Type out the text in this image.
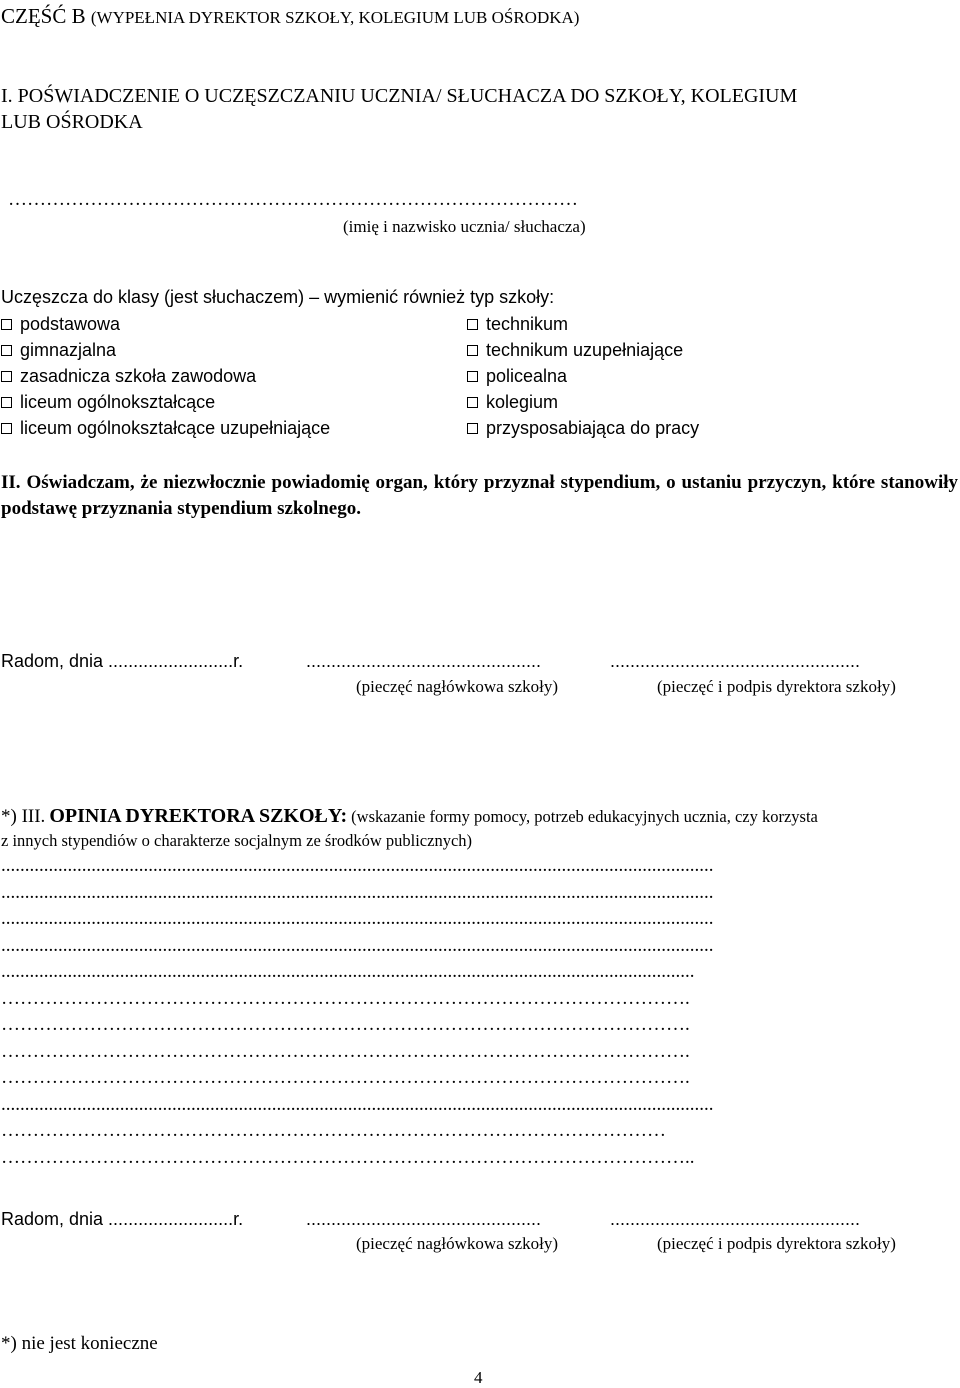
CZĘŚĆ B (WYPEŁNIA DYREKTOR SZKOŁY, KOLEGIUM LUB OŚRODKA)
I. POŚWIADCZENIE O UCZĘSZCZANIU UCZNIA/ SŁUCHACZA DO SZKOŁY, KOLEGIUM
LUB OŚRODKA
………………………………………………………………………………
(imię i nazwisko ucznia/ słuchacza)
Uczęszcza do klasy (jest słuchaczem) – wymienić również typ szkoły:
podstawowa
gimnazjalna
zasadnicza szkoła zawodowa
liceum ogólnokształcące
liceum ogólnokształcące uzupełniające
technikum
technikum uzupełniające
policealna
kolegium
przysposabiająca do pracy
II. Oświadczam, że niezwłocznie powiadomię organ, który przyznał stypendium, o ustaniu przyczyn, które stanowiły podstawę przyznania stypendium szkolnego.
Radom, dnia .........................r.	...............................................	..................................................
(pieczęć nagłówkowa szkoły)	(pieczęć i podpis dyrektora szkoły)
*) III. OPINIA DYREKTORA SZKOŁY: (wskazanie formy pomocy, potrzeb edukacyjnych ucznia, czy korzysta
z innych stypendiów o charakterze socjalnym ze środków publicznych)
......................................................................................................................................................
......................................................................................................................................................
......................................................................................................................................................
......................................................................................................................................................
..................................................................................................................................................
……………………………………………………………………………………………….
……………………………………………………………………………………………….
……………………………………………………………………………………………….
……………………………………………………………………………………………….
......................................................................................................................................................
……………………………………………………………………………………………
………………………………………………………………………………………………..
Radom, dnia .........................r.	...............................................	..................................................
(pieczęć nagłówkowa szkoły)	(pieczęć i podpis dyrektora szkoły)
*) nie jest konieczne
4
